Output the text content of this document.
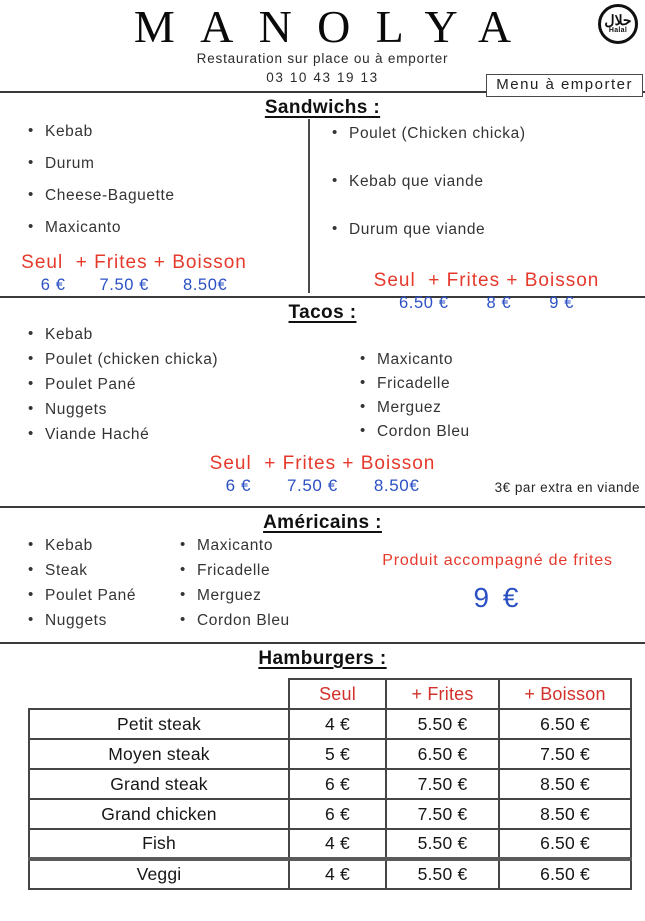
MANOLYA
Restauration sur place ou à emporter
03 10 43 19 13
حلال
Halal
Menu à emporter
Sandwichs :
• Kebab
• Durum
• Cheese-Baguette
• Maxicanto
Seul  + Frites + Boisson
6 € 7.50 € 8.50€
• Poulet (Chicken chicka)
• Kebab que viande
• Durum que viande
Seul  + Frites + Boisson
6.50 € 8 € 9 €
Tacos :
• Kebab
• Poulet (chicken chicka)
• Poulet Pané
• Nuggets
• Viande Haché
• Maxicanto
• Fricadelle
• Merguez
• Cordon Bleu
Seul  + Frites + Boisson
6 € 7.50 € 8.50€	3€ par extra en viande
Américains :
• Kebab
• Steak
• Poulet Pané
• Nuggets
• Maxicanto
• Fricadelle
• Merguez
• Cordon Bleu
Produit accompagné de frites
9 €
Hamburgers :
	Seul	+ Frites	+ Boisson
Petit steak	4 €	5.50 €	6.50 €
Moyen steak	5 €	6.50 €	7.50 €
Grand steak	6 €	7.50 €	8.50 €
Grand chicken	6 €	7.50 €	8.50 €
Fish	4 €	5.50 €	6.50 €
Veggi	4 €	5.50 €	6.50 €
